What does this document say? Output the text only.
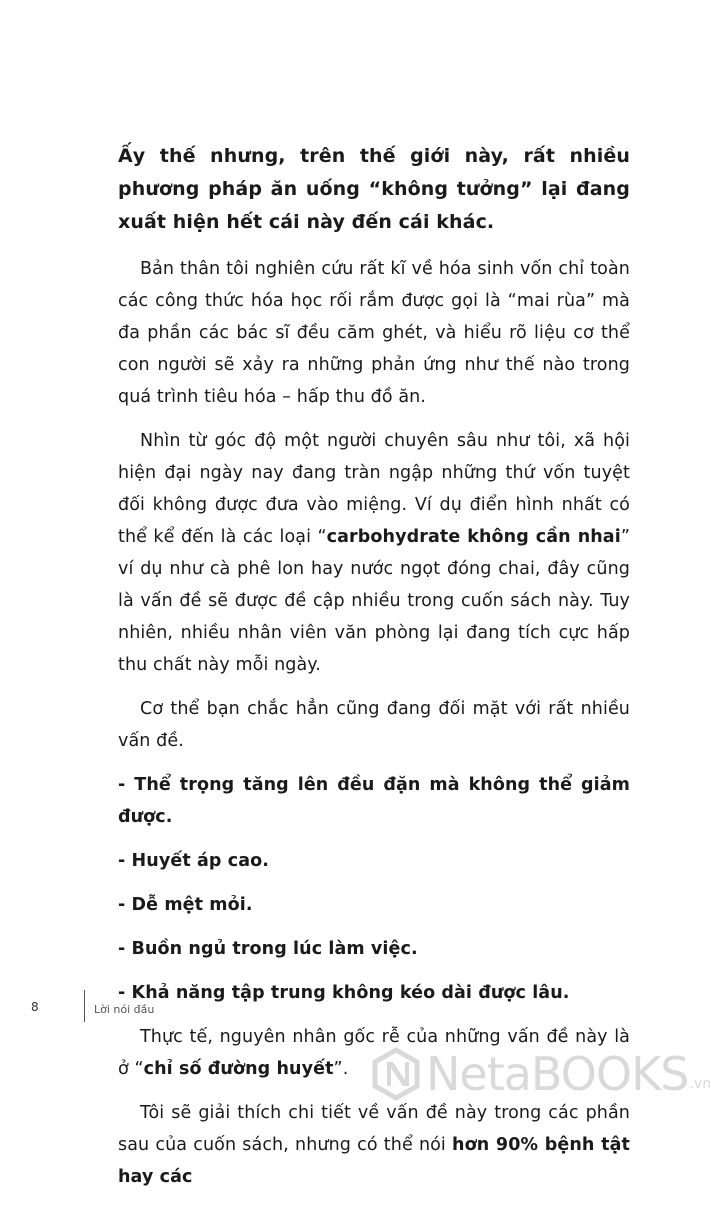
Ấy thế nhưng, trên thế giới này, rất nhiều phương pháp ăn uống “không tưởng” lại đang xuất hiện hết cái này đến cái khác.

Bản thân tôi nghiên cứu rất kĩ về hóa sinh vốn chỉ toàn các công thức hóa học rối rắm được gọi là “mai rùa” mà đa phần các bác sĩ đều căm ghét, và hiểu rõ liệu cơ thể con người sẽ xảy ra những phản ứng như thế nào trong quá trình tiêu hóa – hấp thu đồ ăn.

Nhìn từ góc độ một người chuyên sâu như tôi, xã hội hiện đại ngày nay đang tràn ngập những thứ vốn tuyệt đối không được đưa vào miệng. Ví dụ điển hình nhất có thể kể đến là các loại “carbohydrate không cần nhai” ví dụ như cà phê lon hay nước ngọt đóng chai, đây cũng là vấn đề sẽ được đề cập nhiều trong cuốn sách này. Tuy nhiên, nhiều nhân viên văn phòng lại đang tích cực hấp thu chất này mỗi ngày.

Cơ thể bạn chắc hẳn cũng đang đối mặt với rất nhiều vấn đề.

- Thể trọng tăng lên đều đặn mà không thể giảm được.

- Huyết áp cao.

- Dễ mệt mỏi.

- Buồn ngủ trong lúc làm việc.

- Khả năng tập trung không kéo dài được lâu.

Thực tế, nguyên nhân gốc rễ của những vấn đề này là ở “chỉ số đường huyết”.

Tôi sẽ giải thích chi tiết về vấn đề này trong các phần sau của cuốn sách, nhưng có thể nói hơn 90% bệnh tật hay các

8	Lời nói đầu
NetaBOOKS .vn
